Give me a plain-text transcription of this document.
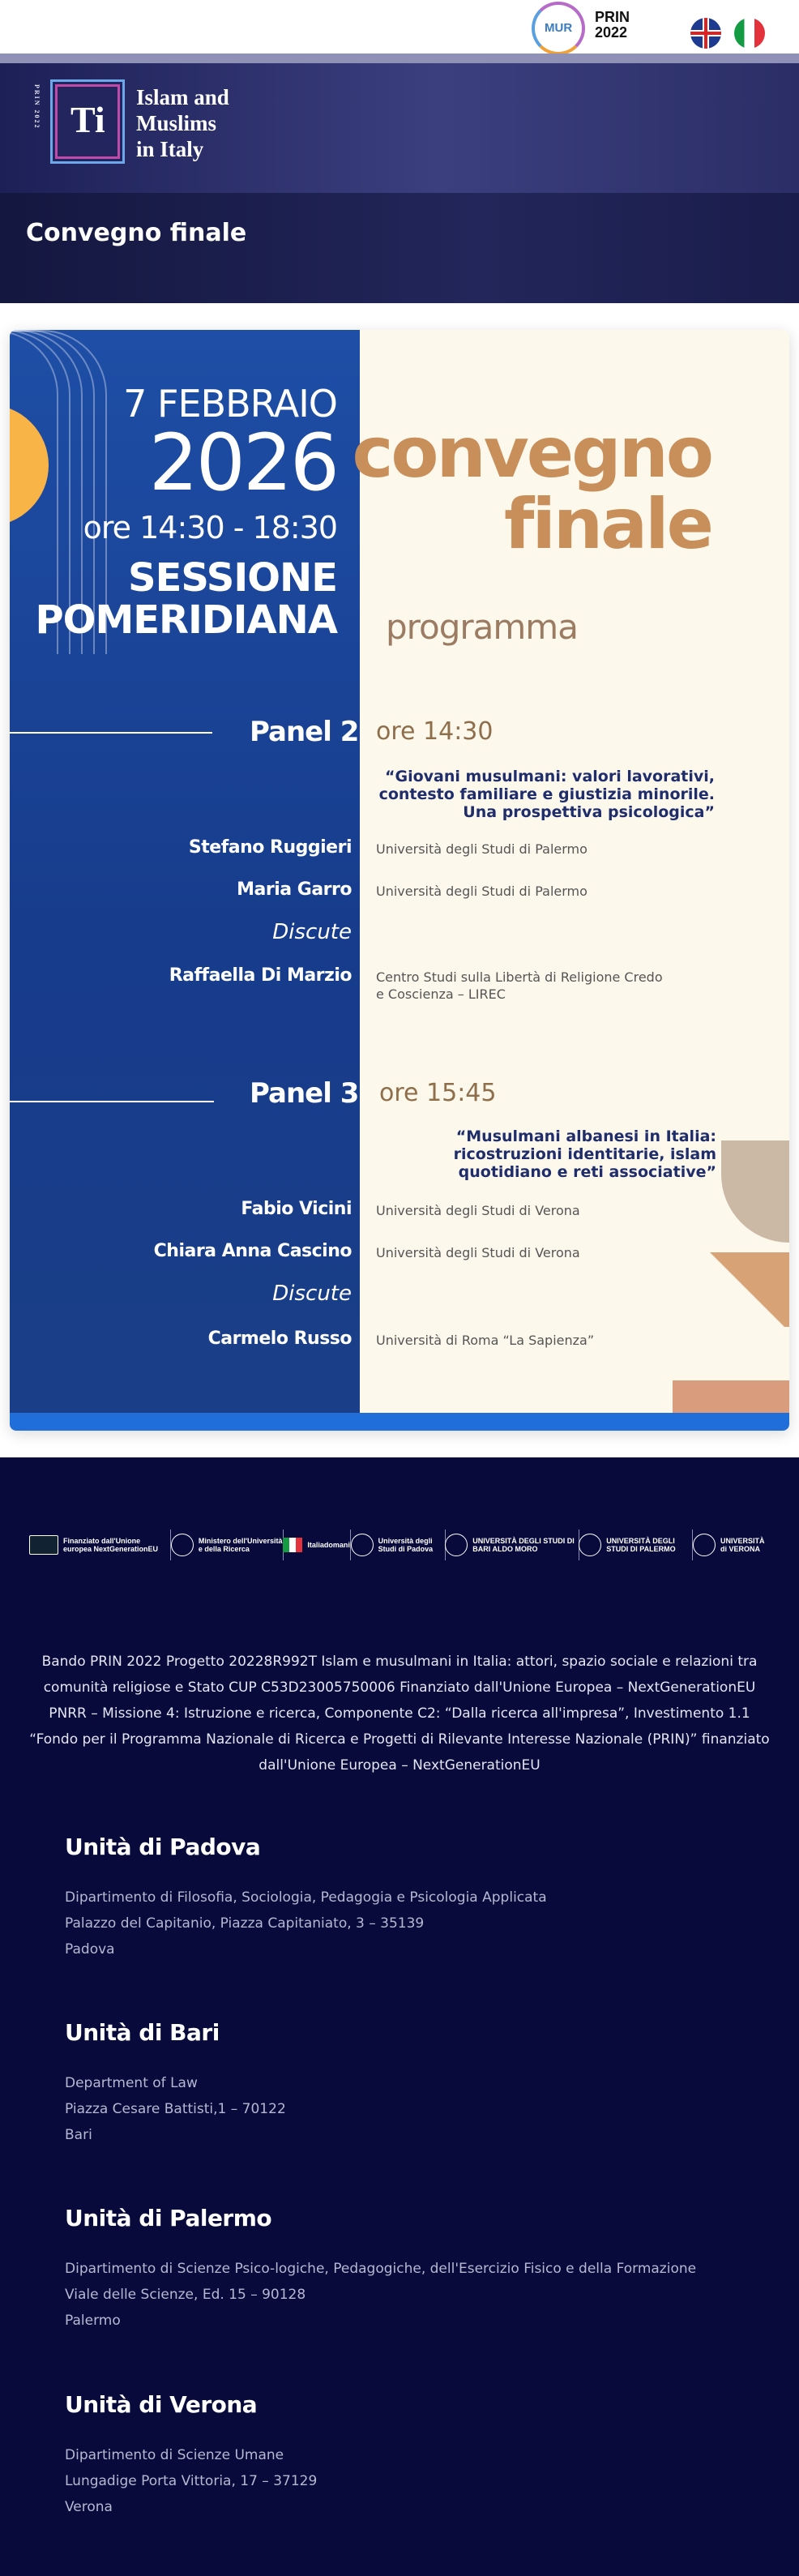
MUR
PRIN
2022
PRIN 2022 Ti
Islam and
Muslims
in Italy
Convegno finale
7 FEBBRAIO
2026
ore 14:30 - 18:30
SESSIONE
POMERIDIANA
convegno
finale
programma
Panel 2 ore 14:30
“Giovani musulmani: valori lavorativi, contesto familiare e giustizia minorile. Una prospettiva psicologica”
Stefano Ruggieri Università degli Studi di Palermo
Maria Garro Università degli Studi di Palermo
Discute
Raffaella Di Marzio Centro Studi sulla Libertà di Religione Credo e Coscienza – LIREC
Panel 3 ore 15:45
“Musulmani albanesi in Italia: ricostruzioni identitarie, islam quotidiano e reti associative”
Fabio Vicini Università degli Studi di Verona
Chiara Anna Cascino Università degli Studi di Verona
Discute
Carmelo Russo Università di Roma “La Sapienza”
Finanziato dall'Unione europea NextGenerationEU
Ministero dell'Università e della Ricerca	Italiadomani	Università degli Studi di Padova
UNIVERSITÀ DEGLI STUDI DI BARI ALDO MORO
UNIVERSITÀ DEGLI STUDI DI PALERMO
UNIVERSITÀ di VERONA

Bando PRIN 2022 Progetto 20228R992T Islam e musulmani in Italia: attori, spazio sociale e relazioni tra comunità religiose e Stato CUP C53D23005750006 Finanziato dall'Unione Europea – NextGenerationEU PNRR – Missione 4: Istruzione e ricerca, Componente C2: “Dalla ricerca all'impresa”, Investimento 1.1 “Fondo per il Programma Nazionale di Ricerca e Progetti di Rilevante Interesse Nazionale (PRIN)” finanziato dall'Unione Europea – NextGenerationEU

Unità di Padova

Dipartimento di Filosofia, Sociologia, Pedagogia e Psicologia Applicata

Palazzo del Capitanio, Piazza Capitaniato, 3 – 35139

Padova

Unità di Bari

Department of Law

Piazza Cesare Battisti,1 – 70122

Bari

Unità di Palermo

Dipartimento di Scienze Psico-logiche, Pedagogiche, dell'Esercizio Fisico e della Formazione

Viale delle Scienze, Ed. 15 – 90128

Palermo

Unità di Verona

Dipartimento di Scienze Umane

Lungadige Porta Vittoria, 17 – 37129

Verona
